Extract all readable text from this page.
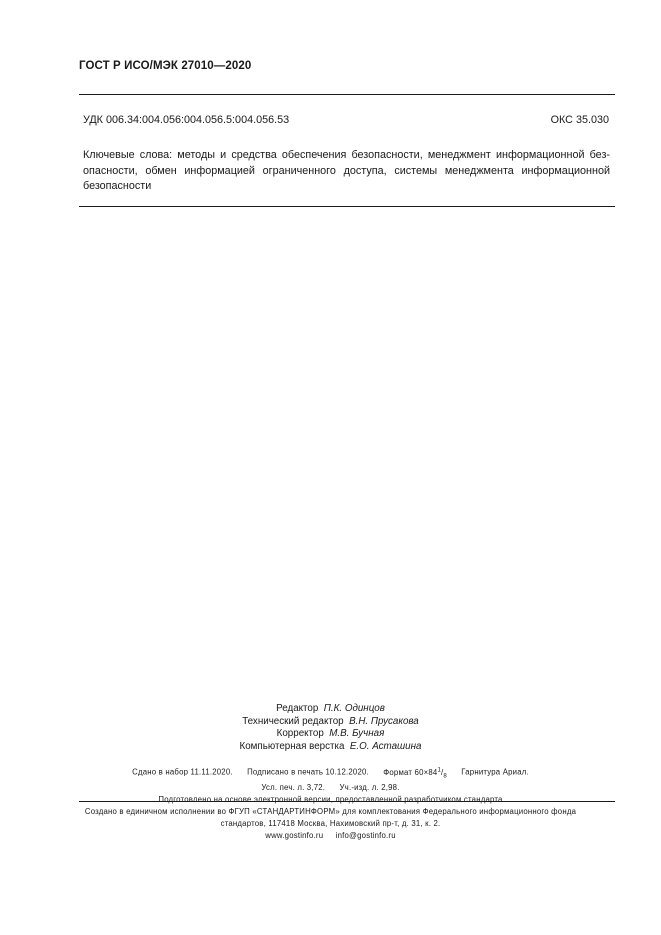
ГОСТ Р ИСО/МЭК 27010—2020
УДК 006.34:004.056:004.056.5:004.056.53	ОКС 35.030
Ключевые слова: методы и средства обеспечения безопасности, менеджмент информационной без-
опасности, обмен информацией ограниченного доступа, системы менеджмента информационной
безопасности
Редактор П.К. Одинцов
Технический редактор В.Н. Прусакова
Корректор М.В. Бучная
Компьютерная верстка Е.О. Асташина
Сдано в набор 11.11.2020. Подписано в печать 10.12.2020. Формат $60\times 84^1/_8$ Гарнитура Ариал.
Усл. печ. л. 3,72. Уч.-изд. л. 2,98.
Подготовлено на основе электронной версии, предоставленной разработчиком стандарта
Создано в единичном исполнении во ФГУП «СТАНДАРТИНФОРМ» для комплектования Федерального информационного фонда
стандартов, 117418 Москва, Нахимовский пр-т, д. 31, к. 2.
www.gostinfo.ru info@gostinfo.ru
